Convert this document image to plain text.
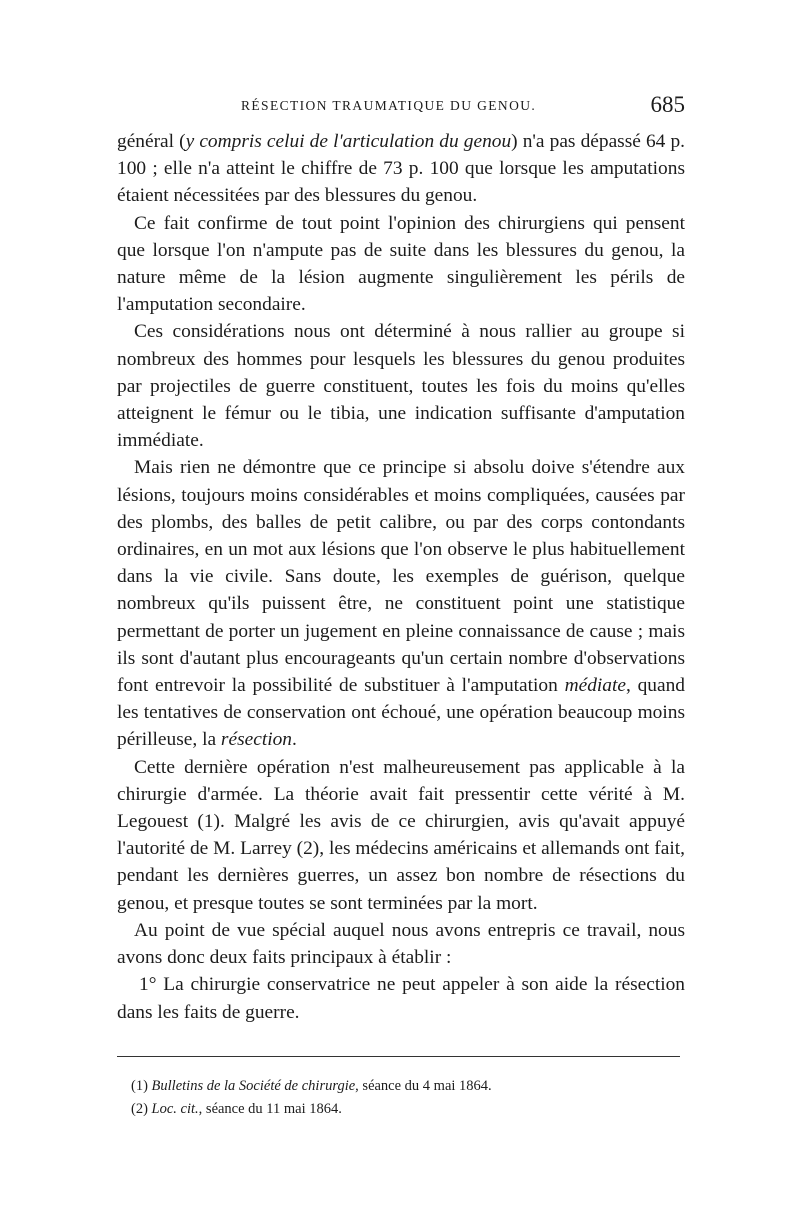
RÉSECTION TRAUMATIQUE DU GENOU.	685

général (y compris celui de l'articulation du genou) n'a pas dépassé 64 p. 100 ; elle n'a atteint le chiffre de 73 p. 100 que lorsque les amputations étaient nécessitées par des blessures du genou.

Ce fait confirme de tout point l'opinion des chirurgiens qui pensent que lorsque l'on n'ampute pas de suite dans les blessures du genou, la nature même de la lésion augmente singulièrement les périls de l'amputation secondaire.

Ces considérations nous ont déterminé à nous rallier au groupe si nombreux des hommes pour lesquels les blessures du genou produites par projectiles de guerre constituent, toutes les fois du moins qu'elles atteignent le fémur ou le tibia, une indication suffisante d'amputation immédiate.

Mais rien ne démontre que ce principe si absolu doive s'étendre aux lésions, toujours moins considérables et moins compliquées, causées par des plombs, des balles de petit calibre, ou par des corps contondants ordinaires, en un mot aux lésions que l'on observe le plus habituellement dans la vie civile. Sans doute, les exemples de guérison, quelque nombreux qu'ils puissent être, ne constituent point une statistique permettant de porter un jugement en pleine connaissance de cause ; mais ils sont d'autant plus encourageants qu'un certain nombre d'observations font entrevoir la possibilité de substituer à l'amputation médiate, quand les tentatives de conservation ont échoué, une opération beaucoup moins périlleuse, la résection.

Cette dernière opération n'est malheureusement pas applicable à la chirurgie d'armée. La théorie avait fait pressentir cette vérité à M. Legouest (1). Malgré les avis de ce chirurgien, avis qu'avait appuyé l'autorité de M. Larrey (2), les médecins américains et allemands ont fait, pendant les dernières guerres, un assez bon nombre de résections du genou, et presque toutes se sont terminées par la mort.

Au point de vue spécial auquel nous avons entrepris ce travail, nous avons donc deux faits principaux à établir :

1° La chirurgie conservatrice ne peut appeler à son aide la résection dans les faits de guerre.

(1) Bulletins de la Société de chirurgie, séance du 4 mai 1864.
(2) Loc. cit., séance du 11 mai 1864.
